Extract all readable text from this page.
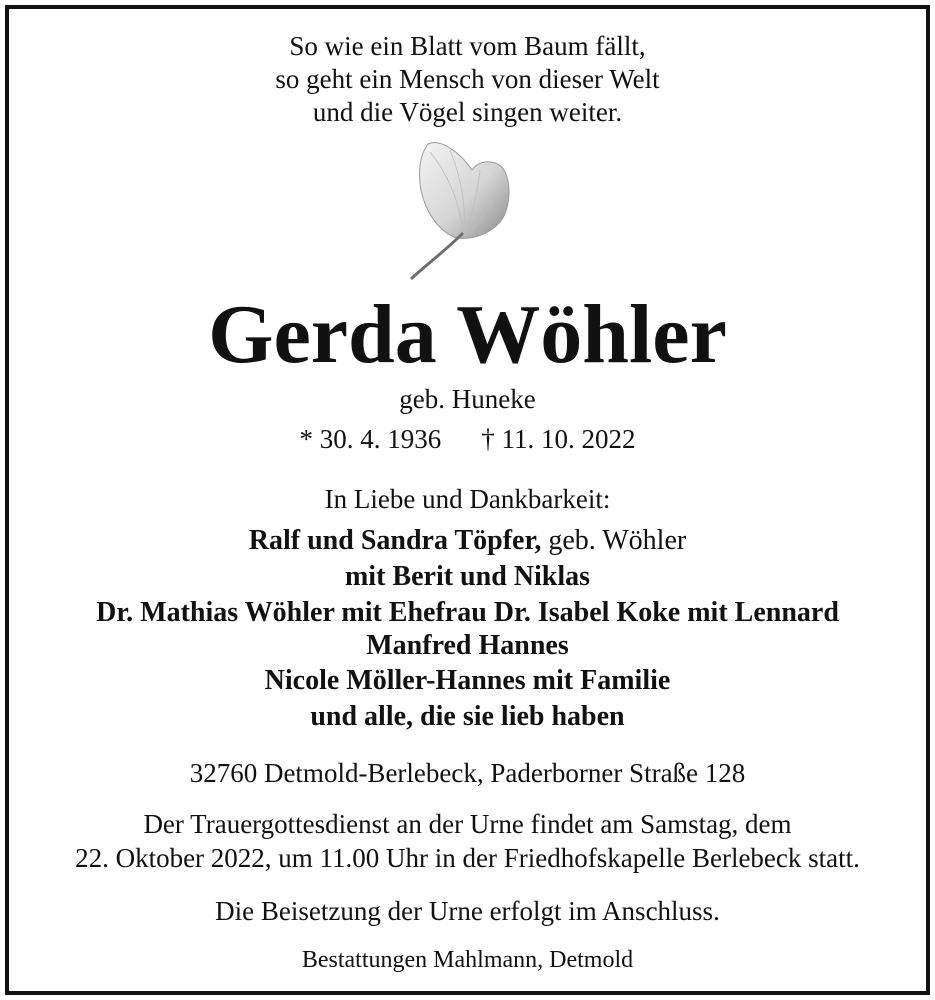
So wie ein Blatt vom Baum fällt,
so geht ein Mensch von dieser Welt
und die Vögel singen weiter.
Gerda Wöhler
geb. Huneke
* 30. 4. 1936 † 11. 10. 2022
In Liebe und Dankbarkeit:
Ralf und Sandra Töpfer, geb. Wöhler
mit Berit und Niklas
Dr. Mathias Wöhler mit Ehefrau Dr. Isabel Koke mit Lennard
Manfred Hannes
Nicole Möller-Hannes mit Familie
und alle, die sie lieb haben
32760 Detmold-Berlebeck, Paderborner Straße 128
Der Trauergottesdienst an der Urne findet am Samstag, dem
22. Oktober 2022, um 11.00 Uhr in der Friedhofskapelle Berlebeck statt.
Die Beisetzung der Urne erfolgt im Anschluss.
Bestattungen Mahlmann, Detmold
